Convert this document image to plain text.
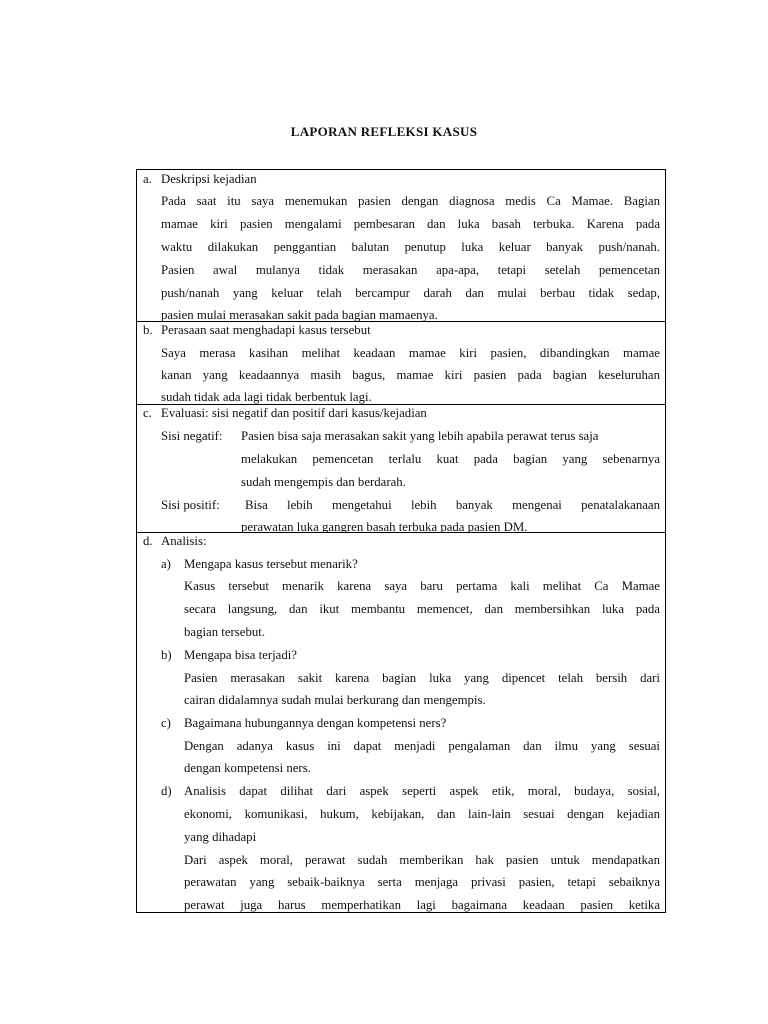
LAPORAN REFLEKSI KASUS
a. Deskripsi kejadian
Pada saat itu saya menemukan pasien dengan diagnosa medis Ca Mamae. Bagian
mamae kiri pasien mengalami pembesaran dan luka basah terbuka. Karena pada
waktu dilakukan penggantian balutan penutup luka keluar banyak push/nanah.
Pasien awal mulanya tidak merasakan apa-apa, tetapi setelah pemencetan
push/nanah yang keluar telah bercampur darah dan mulai berbau tidak sedap,
pasien mulai merasakan sakit pada bagian mamaenya.
b. Perasaan saat menghadapi kasus tersebut
Saya merasa kasihan melihat keadaan mamae kiri pasien, dibandingkan mamae
kanan yang keadaannya masih bagus, mamae kiri pasien pada bagian keseluruhan
sudah tidak ada lagi tidak berbentuk lagi.
c. Evaluasi: sisi negatif dan positif dari kasus/kejadian
Sisi negatif: Pasien bisa saja merasakan sakit yang lebih apabila perawat terus saja
melakukan pemencetan terlalu kuat pada bagian yang sebenarnya
sudah mengempis dan berdarah.
Sisi positif: Bisa lebih mengetahui lebih banyak mengenai penatalakanaan
perawatan luka gangren basah terbuka pada pasien DM.
d. Analisis:
a) Mengapa kasus tersebut menarik?
Kasus tersebut menarik karena saya baru pertama kali melihat Ca Mamae
secara langsung, dan ikut membantu memencet, dan membersihkan luka pada
bagian tersebut.
b) Mengapa bisa terjadi?
Pasien merasakan sakit karena bagian luka yang dipencet telah bersih dari
cairan didalamnya sudah mulai berkurang dan mengempis.
c) Bagaimana hubungannya dengan kompetensi ners?
Dengan adanya kasus ini dapat menjadi pengalaman dan ilmu yang sesuai
dengan kompetensi ners.
d) Analisis dapat dilihat dari aspek seperti aspek etik, moral, budaya, sosial,
ekonomi, komunikasi, hukum, kebijakan, dan lain-lain sesuai dengan kejadian
yang dihadapi
Dari aspek moral, perawat sudah memberikan hak pasien untuk mendapatkan
perawatan yang sebaik-baiknya serta menjaga privasi pasien, tetapi sebaiknya
perawat juga harus memperhatikan lagi bagaimana keadaan pasien ketika
